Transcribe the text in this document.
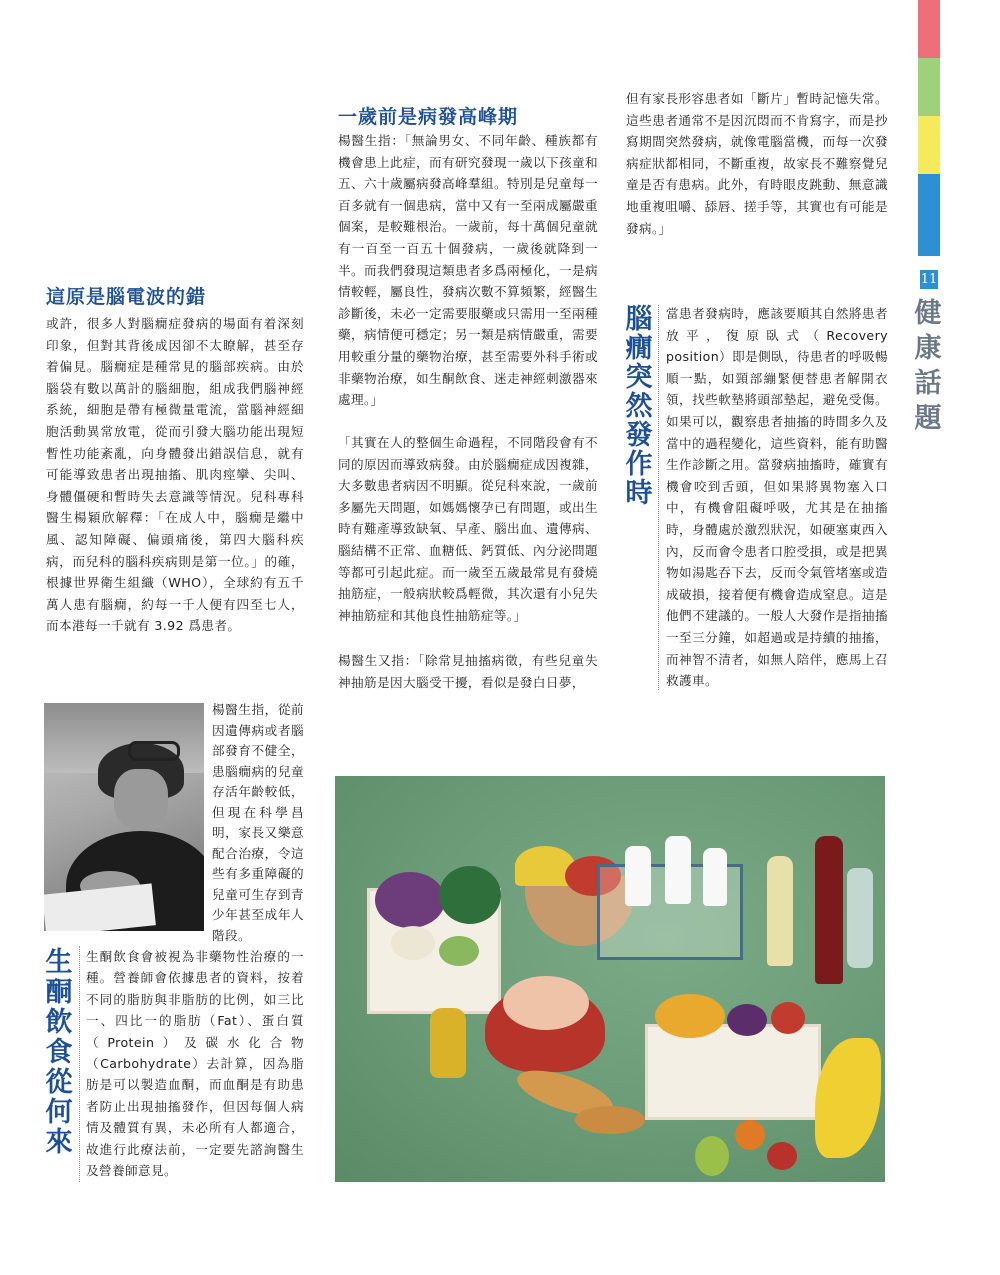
11
健
康
話
題
這原是腦電波的錯

或許，很多人對腦癇症發病的場面有着深刻印象，但對其背後成因卻不太瞭解，甚至存着偏見。腦癇症是種常見的腦部疾病。由於腦袋有數以萬計的腦細胞，組成我們腦神經系統，細胞是帶有極微量電流，當腦神經細胞活動異常放電，從而引發大腦功能出現短暫性功能紊亂，向身體發出錯誤信息，就有可能導致患者出現抽搐、肌肉痙攣、尖叫、身體僵硬和暫時失去意識等情況。兒科專科醫生楊穎欣解釋：「在成人中，腦癇是繼中風、認知障礙、偏頭痛後，第四大腦科疾病，而兒科的腦科疾病則是第一位。」的確，根據世界衛生組織（WHO），全球約有五千萬人患有腦癇，約每一千人便有四至七人，而本港每一千就有 3.92 爲患者。

楊醫生指，從前因遺傳病或者腦部發育不健全，患腦癇病的兒童存活年齡較低，但現在科學昌明，家長又樂意配合治療，令這些有多重障礙的兒童可生存到青少年甚至成年人階段。

生
酮
飲
食
從
何
來

生酮飲食會被視為非藥物性治療的一種。營養師會依據患者的資料，按着不同的脂肪與非脂肪的比例，如三比一、四比一的脂肪（Fat）、蛋白質（Protein）及碳水化合物（Carbohydrate）去計算，因為脂肪是可以製造血酮，而血酮是有助患者防止出現抽搐發作，但因每個人病情及體質有異，未必所有人都適合，故進行此療法前，一定要先諮詢醫生及營養師意見。

一歲前是病發高峰期

楊醫生指：「無論男女、不同年齡、種族都有機會患上此症，而有研究發現一歲以下孩童和五、六十歲屬病發高峰羣組。特別是兒童每一百多就有一個患病，當中又有一至兩成屬嚴重個案，是較難根治。一歲前，每十萬個兒童就有一百至一百五十個發病，一歲後就降到一半。而我們發現這類患者多爲兩極化，一是病情較輕，屬良性，發病次數不算頻繁，經醫生診斷後，未必一定需要服藥或只需用一至兩種藥，病情便可穩定；另一類是病情嚴重，需要用較重分量的藥物治療，甚至需要外科手術或非藥物治療，如生酮飲食、迷走神經刺激器來處理。」

「其實在人的整個生命過程，不同階段會有不同的原因而導致病發。由於腦癇症成因複雜，大多數患者病因不明顯。從兒科來說，一歲前多屬先天問題，如媽媽懷孕已有問題，或出生時有難產導致缺氧、早產、腦出血、遺傳病、腦結構不正常、血糖低、鈣質低、內分泌問題等都可引起此症。而一歲至五歲最常見有發燒抽筋症，一般病狀較爲輕微，其次還有小兒失神抽筋症和其他良性抽筋症等。」

楊醫生又指：「除常見抽搐病徵，有些兒童失神抽筋是因大腦受干擾，看似是發白日夢，

但有家長形容患者如「斷片」暫時記憶失常。這些患者通常不是因沉悶而不肯寫字，而是抄寫期間突然發病，就像電腦當機，而每一次發病症狀都相同，不斷重複，故家長不難察覺兒童是否有患病。此外，有時眼皮跳動、無意識地重複咀嚼、舔唇、搓手等，其實也有可能是發病。」

腦
癇
突
然
發
作
時

當患者發病時，應該要順其自然將患者放平，復原臥式（Recovery position）即是側臥，待患者的呼吸暢順一點，如頸部繃緊便替患者解開衣領，找些軟墊將頭部墊起，避免受傷。如果可以，觀察患者抽搐的時間多久及當中的過程變化，這些資料，能有助醫生作診斷之用。當發病抽搐時，確實有機會咬到舌頭，但如果將異物塞入口中，有機會阻礙呼吸，尤其是在抽搐時，身體處於激烈狀況，如硬塞東西入內，反而會令患者口腔受損，或是把異物如湯匙吞下去，反而令氣管堵塞或造成破損，接着便有機會造成窒息。這是他們不建議的。一般人大發作是指抽搐一至三分鐘，如超過或是持續的抽搐，而神智不清者，如無人陪伴，應馬上召救護車。
